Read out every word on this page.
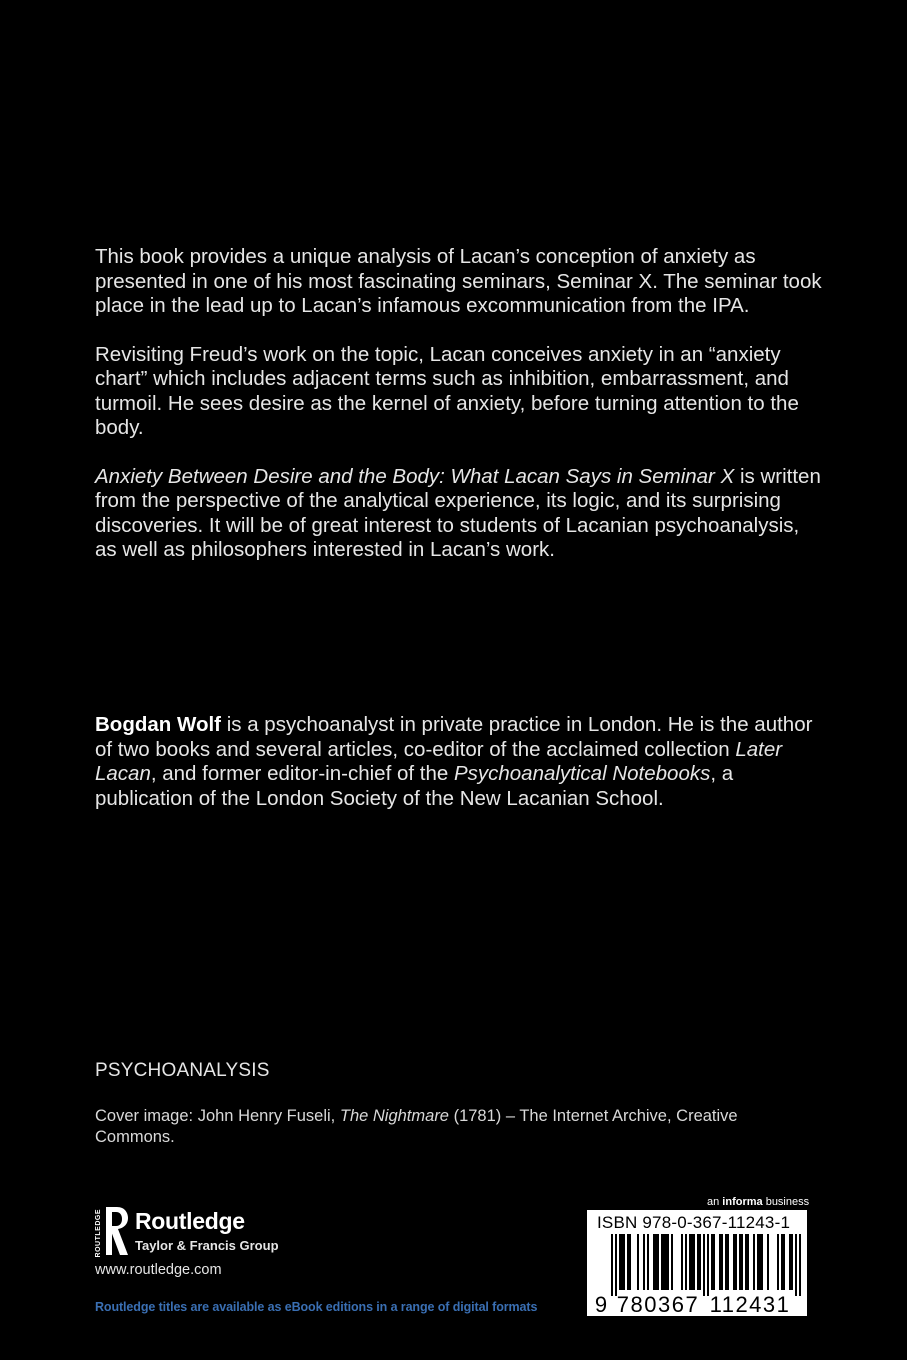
This book provides a unique analysis of Lacan’s conception of anxiety as presented in one of his most fascinating seminars, Seminar X. The seminar took place in the lead up to Lacan’s infamous excommunication from the IPA.

Revisiting Freud’s work on the topic, Lacan conceives anxiety in an “anxiety chart” which includes adjacent terms such as inhibition, embarrassment, and turmoil. He sees desire as the kernel of anxiety, before turning attention to the body.

Anxiety Between Desire and the Body: What Lacan Says in Seminar X is written from the perspective of the analytical experience, its logic, and its surprising discoveries. It will be of great interest to students of Lacanian psychoanalysis, as well as philosophers interested in Lacan’s work.

Bogdan Wolf is a psychoanalyst in private practice in London. He is the author of two books and several articles, co-editor of the acclaimed collection Later Lacan, and former editor-in-chief of the Psychoanalytical Notebooks, a publication of the London Society of the New Lacanian School.

PSYCHOANALYSIS
Cover image: John Henry Fuseli, The Nightmare (1781) – The Internet Archive, Creative Commons.
ROUTLEDGE Routledge
Taylor & Francis Group
www.routledge.com
Routledge titles are available as eBook editions in a range of digital formats
an informa business
ISBN 978-0-367-11243-1
9 780367 112431
